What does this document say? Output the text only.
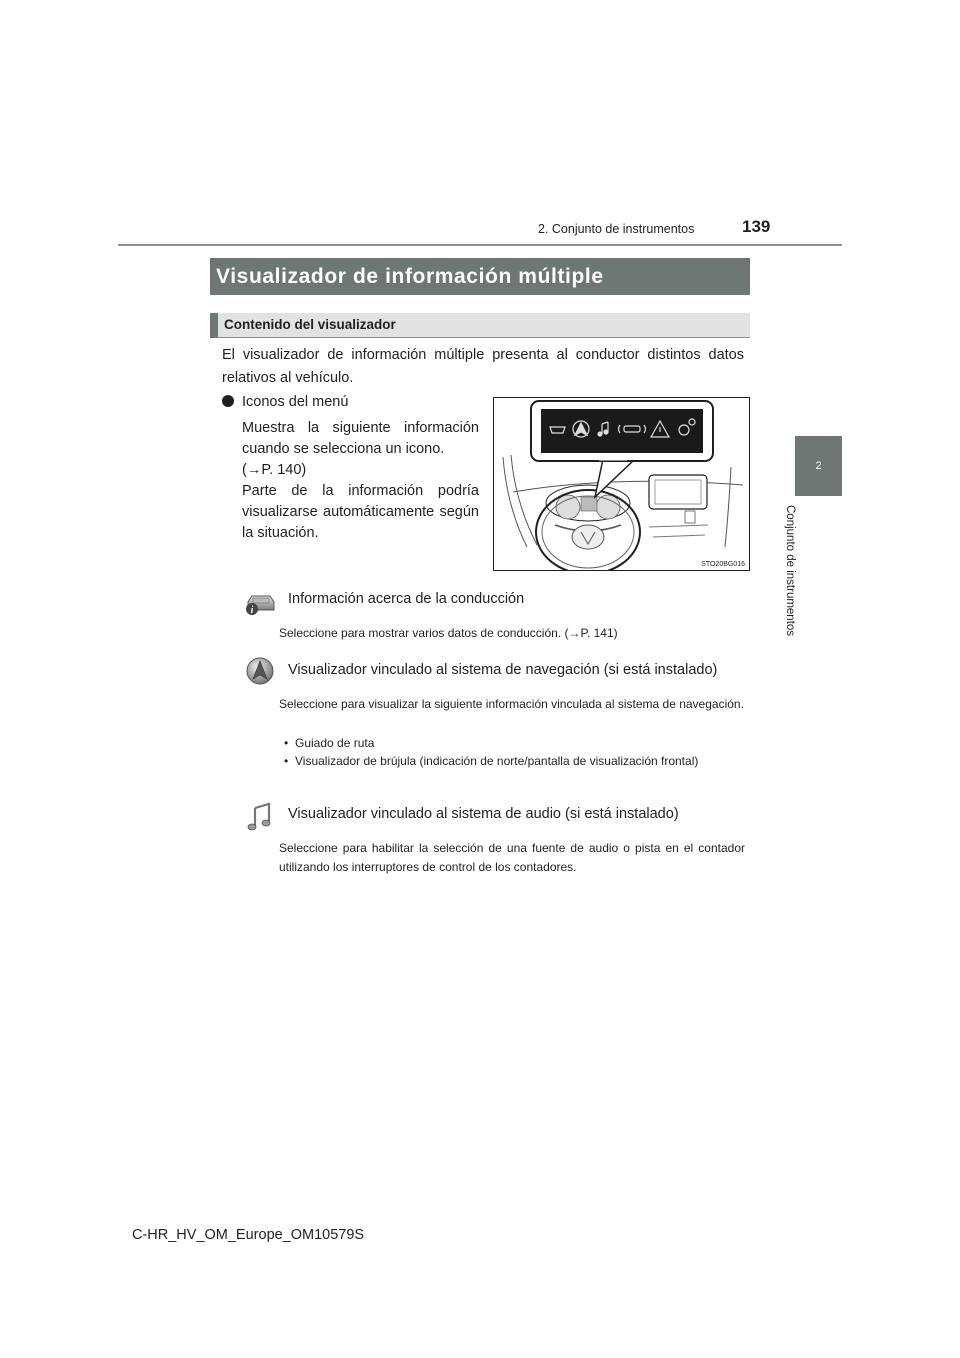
2. Conjunto de instrumentos	139
2
Conjunto de instrumentos
Visualizador de información múltiple
Contenido del visualizador
El visualizador de información múltiple presenta al conductor distintos datos relativos al vehículo.
Iconos del menú

Muestra la siguiente información cuando se selecciona un icono.

(→P. 140)

Parte de la información podría visualizarse automáticamente según la situación.

STO20BG016
i
Información acerca de la conducción
Seleccione para mostrar varios datos de conducción. (→P. 141)
Visualizador vinculado al sistema de navegación (si está instalado)
Seleccione para visualizar la siguiente información vinculada al sistema de navegación.
• Guiado de ruta
• Visualizador de brújula (indicación de norte/pantalla de visualización frontal)
Visualizador vinculado al sistema de audio (si está instalado)
Seleccione para habilitar la selección de una fuente de audio o pista en el contador utilizando los interruptores de control de los contadores.
C-HR_HV_OM_Europe_OM10579S
